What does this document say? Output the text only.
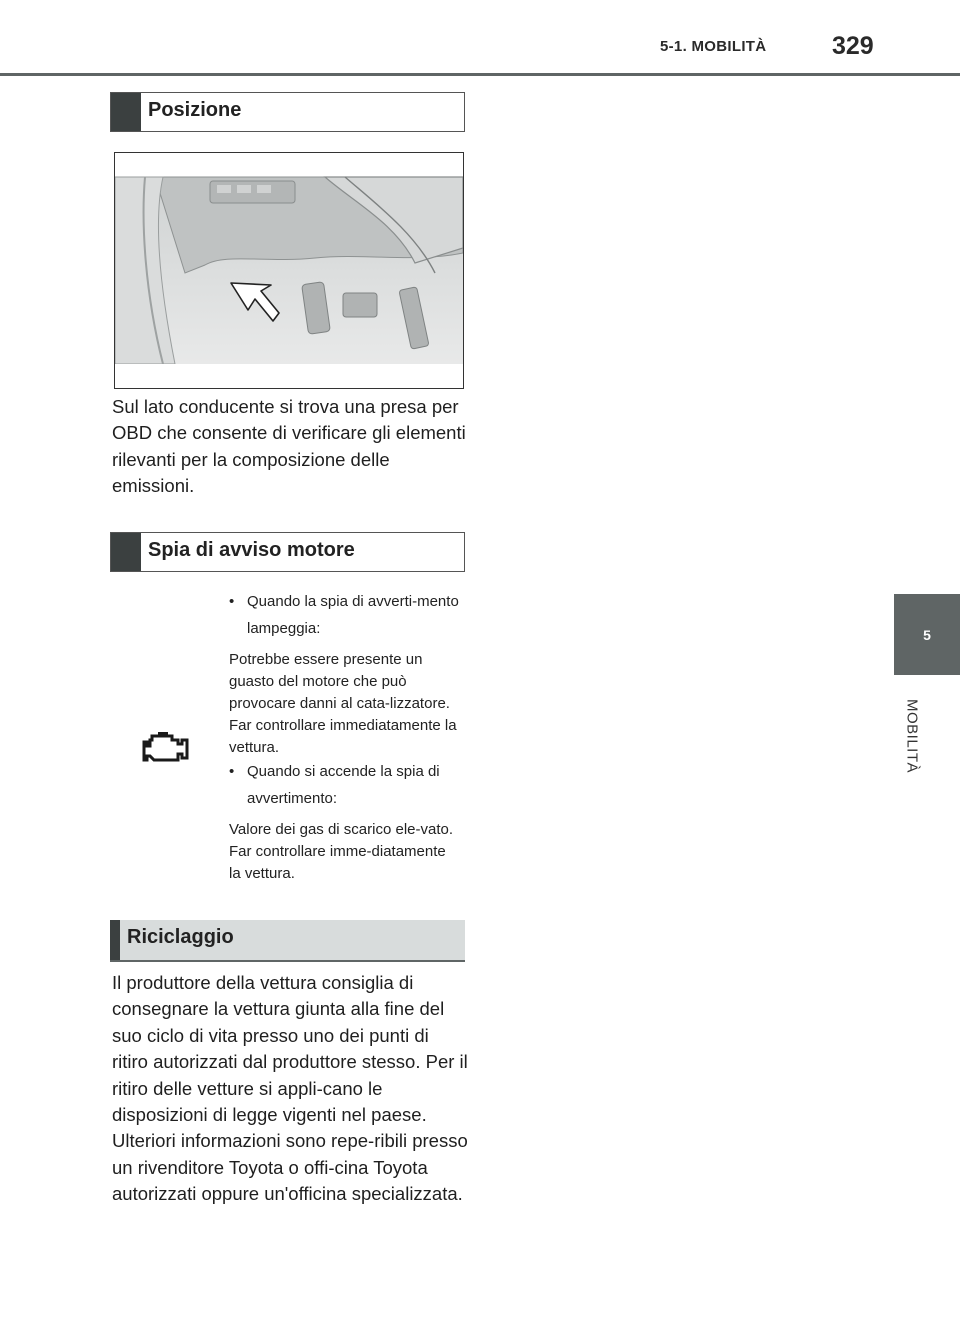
5-1. MOBILITÀ	329
5
MOBILITÀ
Posizione

Sul lato conducente si trova una presa per OBD che consente di verificare gli elementi rilevanti per la composizione delle emissioni.

Spia di avviso motore
• Quando la spia di avverti-mento lampeggia:
Potrebbe essere presente un guasto del motore che può provocare danni al cata-lizzatore. Far controllare immediatamente la vettura.
• Quando si accende la spia di avvertimento:
Valore dei gas di scarico ele-vato. Far controllare imme-diatamente la vettura.
Riciclaggio

Il produttore della vettura consiglia di consegnare la vettura giunta alla fine del suo ciclo di vita presso uno dei punti di ritiro autorizzati dal produttore stesso. Per il ritiro delle vetture si appli-cano le disposizioni di legge vigenti nel paese. Ulteriori informazioni sono repe-ribili presso un rivenditore Toyota o offi-cina Toyota autorizzati oppure un'officina specializzata.
